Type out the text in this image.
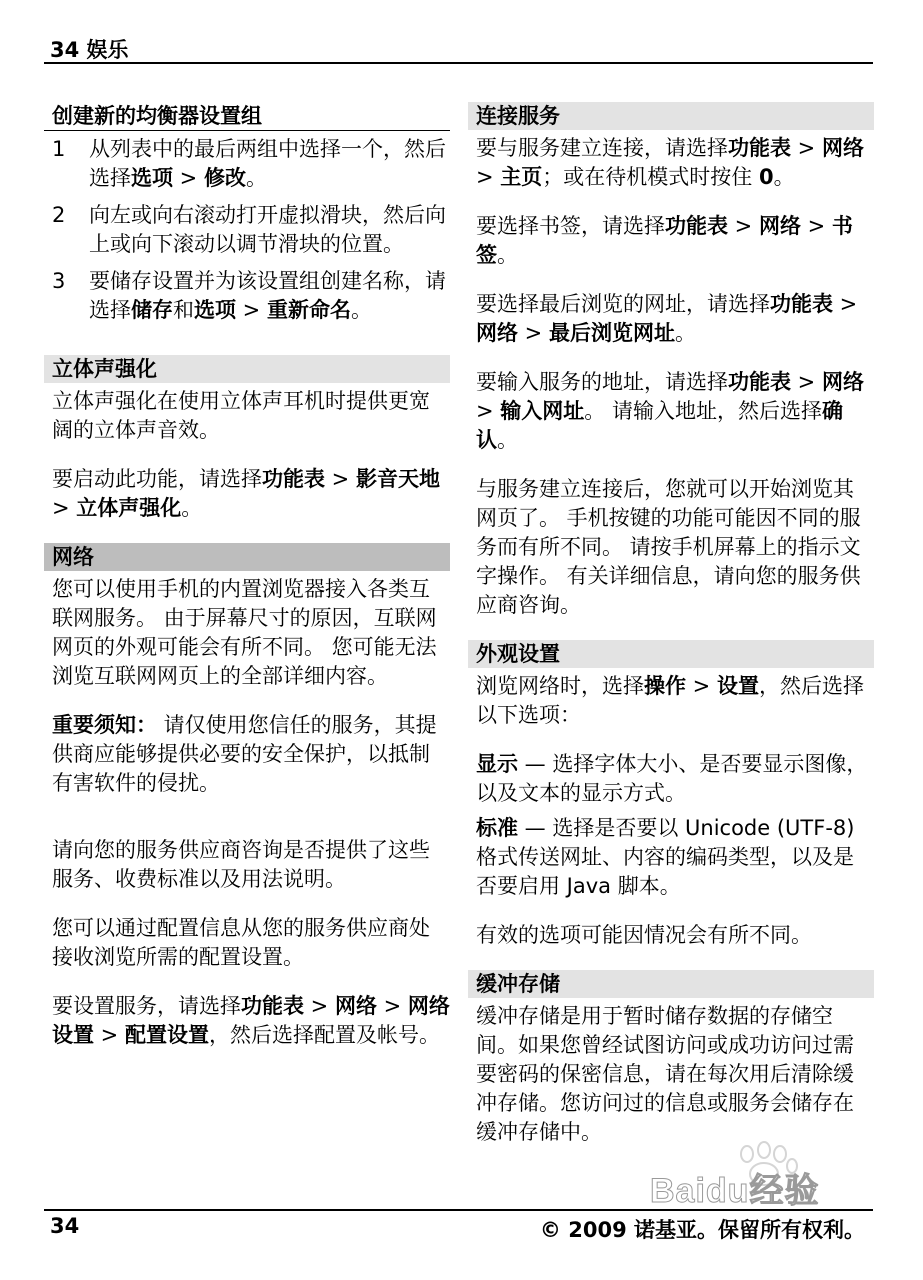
34 娱乐
创建新的均衡器设置组
1	从列表中的最后两组中选择一个，然后选择选项 > 修改。
2	向左或向右滚动打开虚拟滑块，然后向上或向下滚动以调节滑块的位置。
3	要储存设置并为该设置组创建名称，请选择储存和选项 > 重新命名。
立体声强化

立体声强化在使用立体声耳机时提供更宽阔的立体声音效。

要启动此功能，请选择功能表 > 影音天地 > 立体声强化。

网络

您可以使用手机的内置浏览器接入各类互联网服务。 由于屏幕尺寸的原因，互联网网页的外观可能会有所不同。 您可能无法浏览互联网网页上的全部详细内容。

重要须知： 请仅使用您信任的服务，其提供商应能够提供必要的安全保护，以抵制有害软件的侵扰。

请向您的服务供应商咨询是否提供了这些服务、收费标准以及用法说明。

您可以通过配置信息从您的服务供应商处接收浏览所需的配置设置。

要设置服务，请选择功能表 > 网络 > 网络设置 > 配置设置，然后选择配置及帐号。

连接服务

要与服务建立连接，请选择功能表 > 网络 > 主页；或在待机模式时按住 0。

要选择书签，请选择功能表 > 网络 > 书签。

要选择最后浏览的网址，请选择功能表 > 网络 > 最后浏览网址。

要输入服务的地址，请选择功能表 > 网络 > 输入网址。 请输入地址，然后选择确认。

与服务建立连接后，您就可以开始浏览其网页了。 手机按键的功能可能因不同的服务而有所不同。 请按手机屏幕上的指示文字操作。 有关详细信息，请向您的服务供应商咨询。

外观设置

浏览网络时，选择操作 > 设置，然后选择以下选项：

显示 — 选择字体大小、是否要显示图像，以及文本的显示方式。

标准 — 选择是否要以 Unicode (UTF-8) 格式传送网址、内容的编码类型，以及是否要启用 Java 脚本。

有效的选项可能因情况会有所不同。

缓冲存储

缓冲存储是用于暂时储存数据的存储空间。如果您曾经试图访问或成功访问过需要密码的保密信息，请在每次用后清除缓冲存储。您访问过的信息或服务会储存在缓冲存储中。

Baidu经验
34	© 2009 诺基亚。保留所有权利。
